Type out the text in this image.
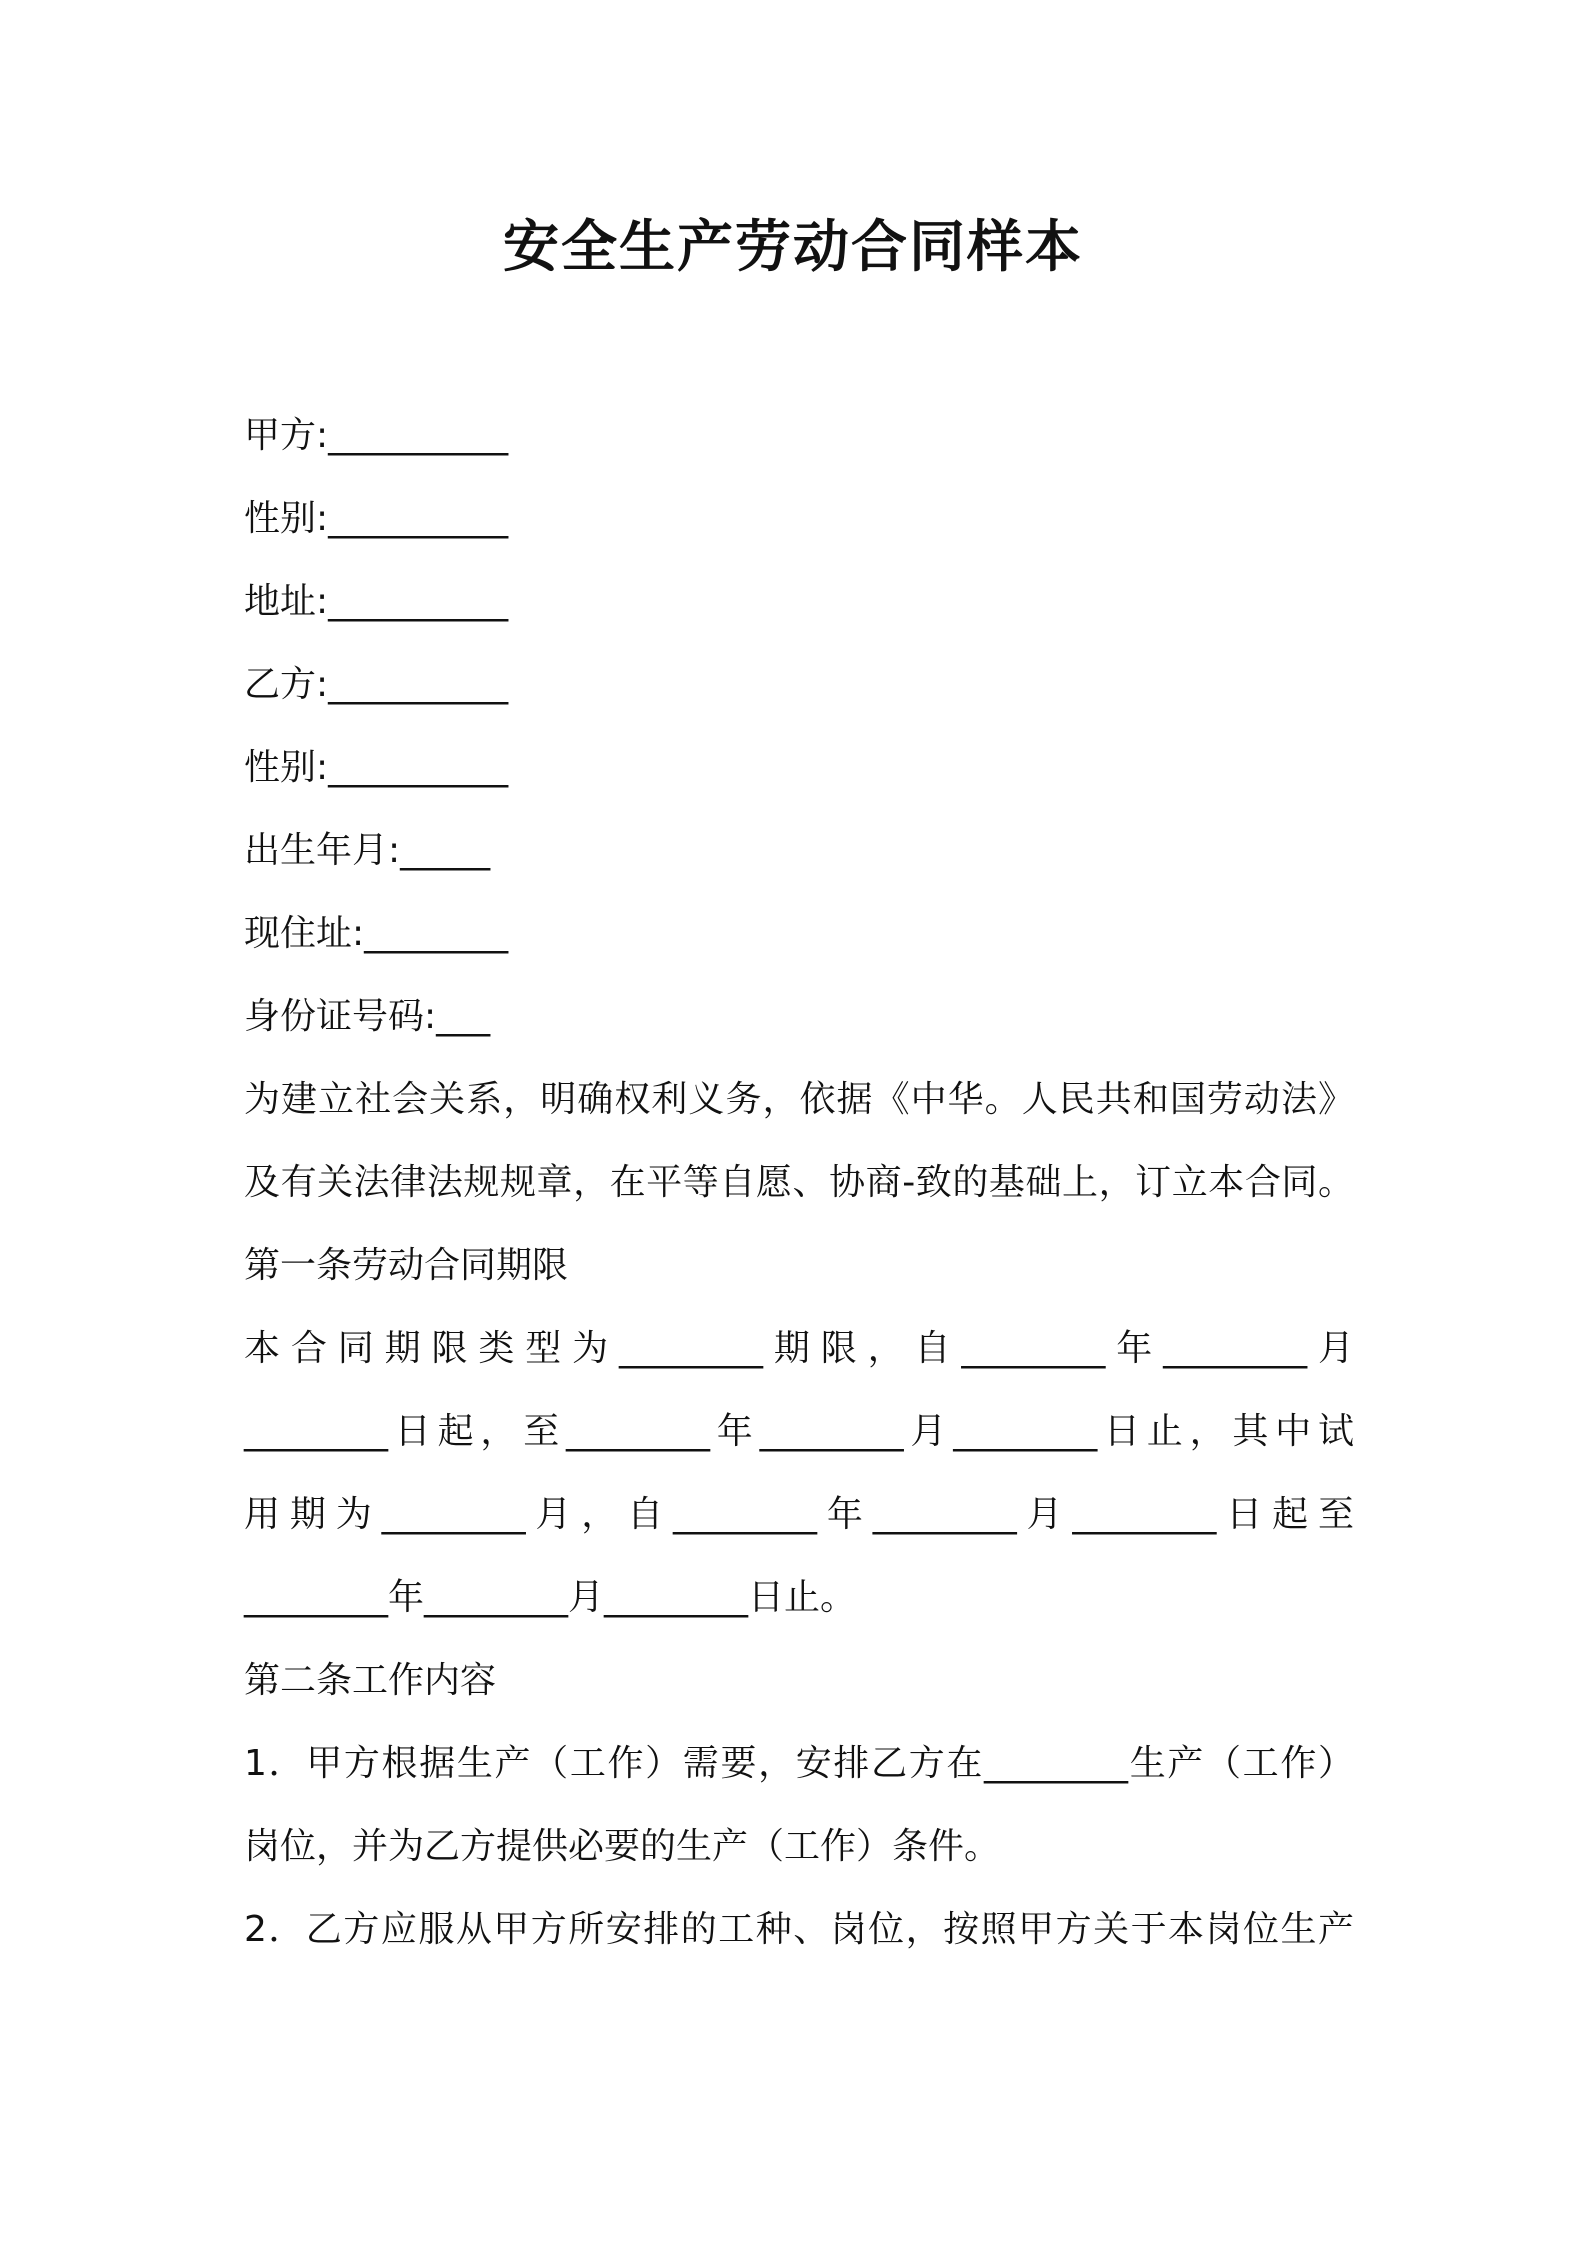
安全生产劳动合同样本

甲方:__________

性别:__________

地址:__________

乙方:__________

性别:__________

出生年月:_____

现住址:________

身份证号码:___

为建立社会关系，明确权利义务，依据《中华。人民共和国劳动法》

及有关法律法规规章，在平等自愿、协商-致的基础上，订立本合同。

第一条劳动合同期限

本合同期限类型为________期限，自________年________月

________日起，至________年________月________日止，其中试

用期为________月，自________年________月________日起至

________年________月________日止。

第二条工作内容

1．甲方根据生产（工作）需要，安排乙方在________生产（工作）

岗位，并为乙方提供必要的生产（工作）条件。

2．乙方应服从甲方所安排的工种、岗位，按照甲方关于本岗位生产
